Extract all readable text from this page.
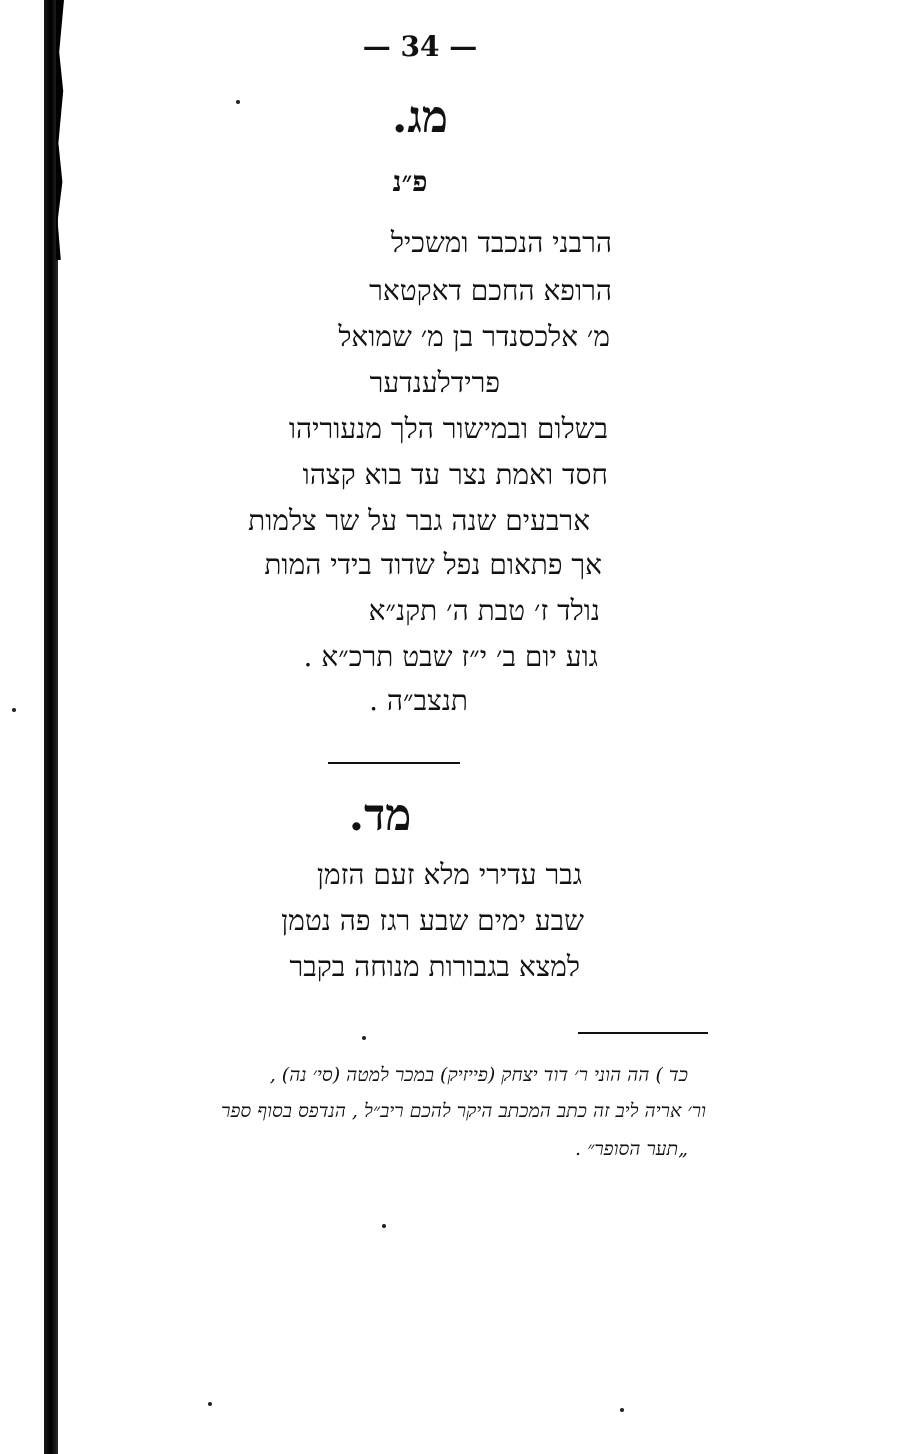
— 34 —
מג.
פ״נ
הרבני הנכבד ומשכיל
הרופא החכם דאקטאר
מ׳ אלכסנדר בן מ׳ שמואל
פרידלענדער
בשלום ובמישור הלך מנעוריהו
חסד ואמת נצר עד בוא קצהו
ארבעים שנה גבר על שר צלמות
אך פתאום נפל שדוד בידי המות
נולד ז׳ טבת ה׳ תקנ״א
גוע יום ב׳ י״ז שבט תרכ״א .
תנצב״ה .
מד.
גבר עדירי מלא זעם הזמן
שבע ימים שבע רגז פה נטמן
למצא בגבורות מנוחה בקבר
כד ) הה הוני ר׳ דוד יצחק (פייזיק) במכר למטה (סי׳ נה) ,
ור׳ אריה ליב זה כתב המכתב היקר להכם ריב״ל , הנדפס בסוף ספר
„תער הסופר״ .
